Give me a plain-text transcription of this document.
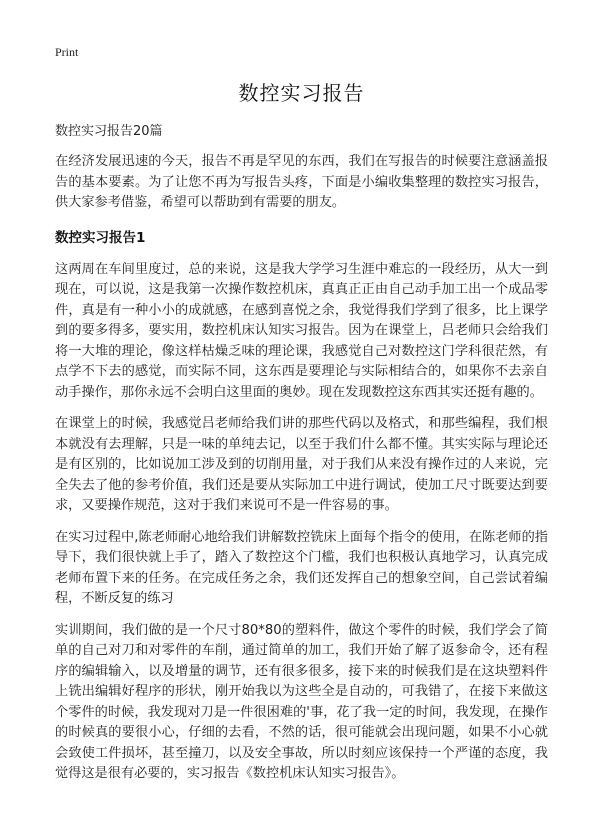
Print
数控实习报告
数控实习报告20篇

在经济发展迅速的今天，报告不再是罕见的东西，我们在写报告的时候要注意涵盖报告的基本要素。为了让您不再为写报告头疼，下面是小编收集整理的数控实习报告，供大家参考借鉴，希望可以帮助到有需要的朋友。

数控实习报告1

这两周在车间里度过，总的来说，这是我大学学习生涯中难忘的一段经历，从大一到现在，可以说，这是我第一次操作数控机床，真真正正由自己动手加工出一个成品零件，真是有一种小小的成就感，在感到喜悦之余，我觉得我们学到了很多，比上课学到的要多得多，要实用，数控机床认知实习报告。因为在课堂上，吕老师只会给我们将一大堆的理论，像这样枯燥乏味的理论课，我感觉自己对数控这门学科很茫然，有点学不下去的感觉，而实际不同，这东西是要理论与实际相结合的，如果你不去亲自动手操作，那你永远不会明白这里面的奥妙。现在发现数控这东西其实还挺有趣的。

在课堂上的时候，我感觉吕老师给我们讲的那些代码以及格式，和那些编程，我们根本就没有去理解，只是一味的单纯去记，以至于我们什么都不懂。其实实际与理论还是有区别的，比如说加工涉及到的切削用量，对于我们从来没有操作过的人来说，完全失去了他的参考价值，我们还是要从实际加工中进行调试，使加工尺寸既要达到要求，又要操作规范，这对于我们来说可不是一件容易的事。

在实习过程中,陈老师耐心地给我们讲解数控铣床上面每个指令的使用，在陈老师的指导下，我们很快就上手了，踏入了数控这个门槛，我们也积极认真地学习，认真完成老师布置下来的任务。在完成任务之余，我们还发挥自己的想象空间，自己尝试着编程，不断反复的练习

实训期间，我们做的是一个尺寸80*80的塑料件，做这个零件的时候，我们学会了简单的自己对刀和对零件的车削，通过简单的加工，我们开始了解了返参命令，还有程序的编辑输入，以及增量的调节，还有很多很多，接下来的时候我们是在这块塑料件上铣出编辑好程序的形状，刚开始我以为这些全是自动的，可我错了，在接下来做这个零件的时候，我发现对刀是一件很困难的'事，花了我一定的时间，我发现，在操作的时候真的要很小心，仔细的去看，不然的话，很可能就会出现问题，如果不小心就会致使工件损坏，甚至撞刀，以及安全事故，所以时刻应该保持一个严谨的态度，我觉得这是很有必要的，实习报告《数控机床认知实习报告》。
